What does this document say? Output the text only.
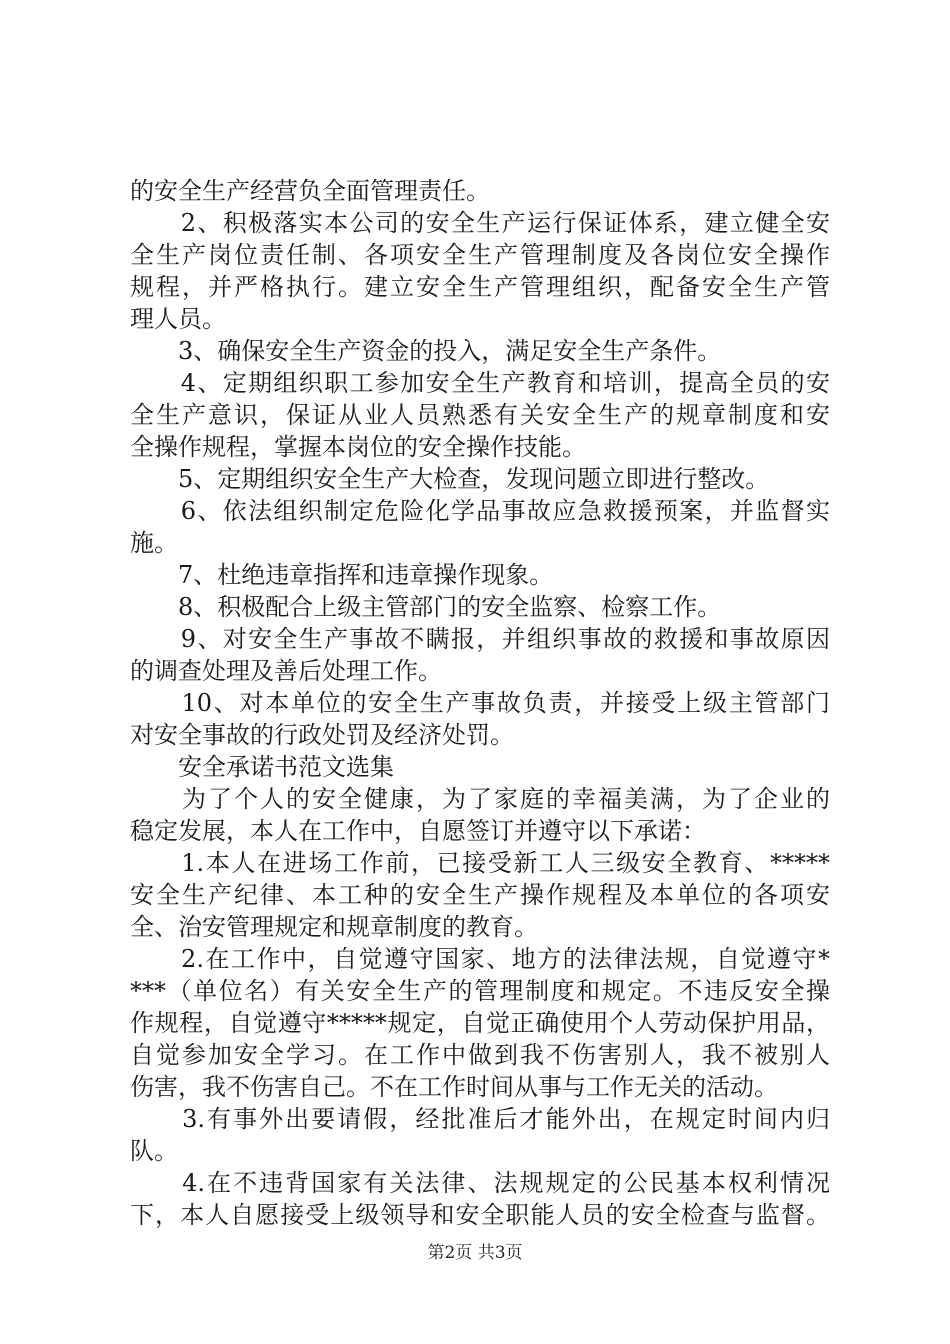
的安全生产经营负全面管理责任。
　　2、积极落实本公司的安全生产运行保证体系，建立健全安
全生产岗位责任制、各项安全生产管理制度及各岗位安全操作
规程，并严格执行。建立安全生产管理组织，配备安全生产管
理人员。
　　3、确保安全生产资金的投入，满足安全生产条件。
　　4、定期组织职工参加安全生产教育和培训，提高全员的安
全生产意识，保证从业人员熟悉有关安全生产的规章制度和安
全操作规程，掌握本岗位的安全操作技能。
　　5、定期组织安全生产大检查，发现问题立即进行整改。
　　6、依法组织制定危险化学品事故应急救援预案，并监督实
施。
　　7、杜绝违章指挥和违章操作现象。
　　8、积极配合上级主管部门的安全监察、检察工作。
　　9、对安全生产事故不瞒报，并组织事故的救援和事故原因
的调查处理及善后处理工作。
　　10、对本单位的安全生产事故负责，并接受上级主管部门
对安全事故的行政处罚及经济处罚。
　　安全承诺书范文选集
　　为了个人的安全健康，为了家庭的幸福美满，为了企业的
稳定发展，本人在工作中，自愿签订并遵守以下承诺：
　　1.本人在进场工作前，已接受新工人三级安全教育、*****
安全生产纪律、本工种的安全生产操作规程及本单位的各项安
全、治安管理规定和规章制度的教育。
　　2.在工作中，自觉遵守国家、地方的法律法规，自觉遵守*
***（单位名）有关安全生产的管理制度和规定。不违反安全操
作规程，自觉遵守*****规定，自觉正确使用个人劳动保护用品，
自觉参加安全学习。在工作中做到我不伤害别人，我不被别人
伤害，我不伤害自己。不在工作时间从事与工作无关的活动。
　　3.有事外出要请假，经批准后才能外出，在规定时间内归
队。
　　4.在不违背国家有关法律、法规规定的公民基本权利情况
下，本人自愿接受上级领导和安全职能人员的安全检查与监督。
第2页 共3页
